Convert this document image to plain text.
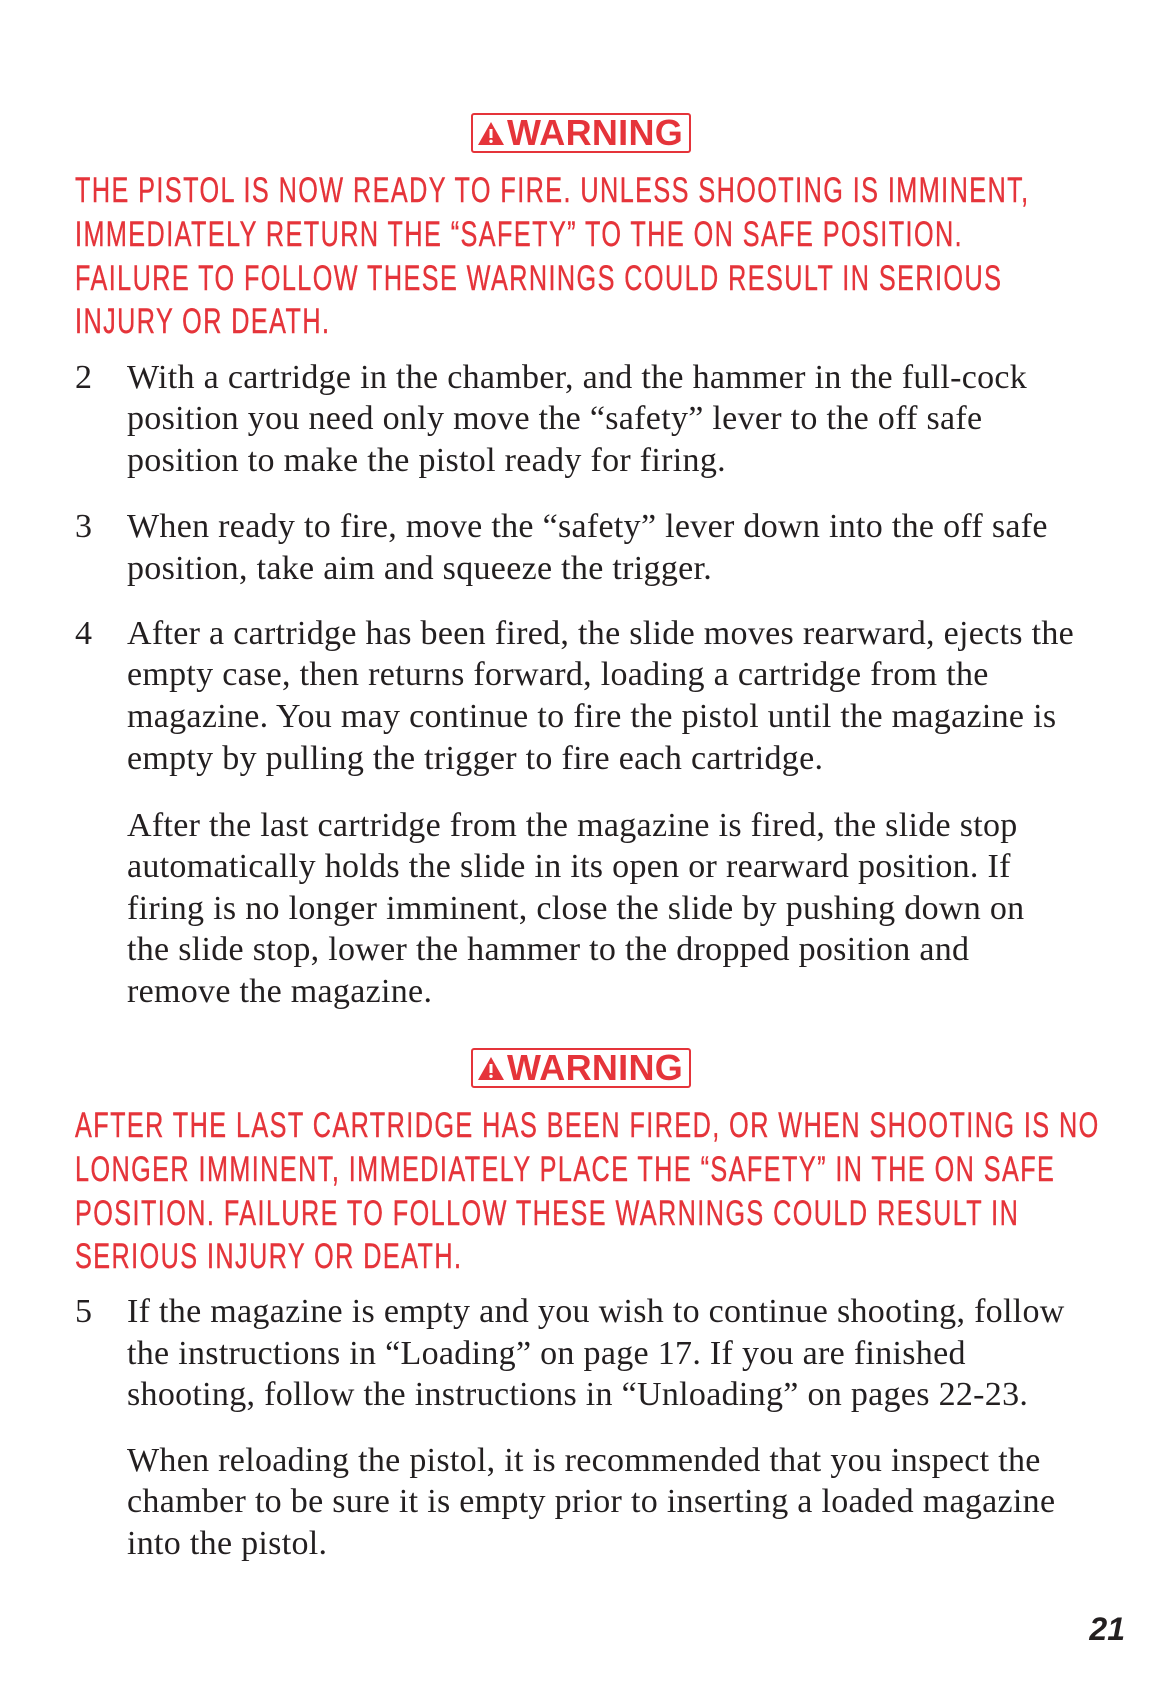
WARNING
THE PISTOL IS NOW READY TO FIRE. UNLESS SHOOTING IS IMMINENT,
IMMEDIATELY RETURN THE “SAFETY” TO THE ON SAFE POSITION.
FAILURE TO FOLLOW THESE WARNINGS COULD RESULT IN SERIOUS
INJURY OR DEATH.
2 With a cartridge in the chamber, and the hammer in the full-cock
position you need only move the “safety” lever to the off safe
position to make the pistol ready for firing.
3 When ready to fire, move the “safety” lever down into the off safe
position, take aim and squeeze the trigger.
4 After a cartridge has been fired, the slide moves rearward, ejects the
empty case, then returns forward, loading a cartridge from the
magazine. You may continue to fire the pistol until the magazine is
empty by pulling the trigger to fire each cartridge.
After the last cartridge from the magazine is fired, the slide stop
automatically holds the slide in its open or rearward position. If
firing is no longer imminent, close the slide by pushing down on
the slide stop, lower the hammer to the dropped position and
remove the magazine.
WARNING
AFTER THE LAST CARTRIDGE HAS BEEN FIRED, OR WHEN SHOOTING IS NO
LONGER IMMINENT, IMMEDIATELY PLACE THE “SAFETY” IN THE ON SAFE
POSITION. FAILURE TO FOLLOW THESE WARNINGS COULD RESULT IN
SERIOUS INJURY OR DEATH.
5 If the magazine is empty and you wish to continue shooting, follow
the instructions in “Loading” on page 17. If you are finished
shooting, follow the instructions in “Unloading” on pages 22-23.
When reloading the pistol, it is recommended that you inspect the
chamber to be sure it is empty prior to inserting a loaded magazine
into the pistol.
21
